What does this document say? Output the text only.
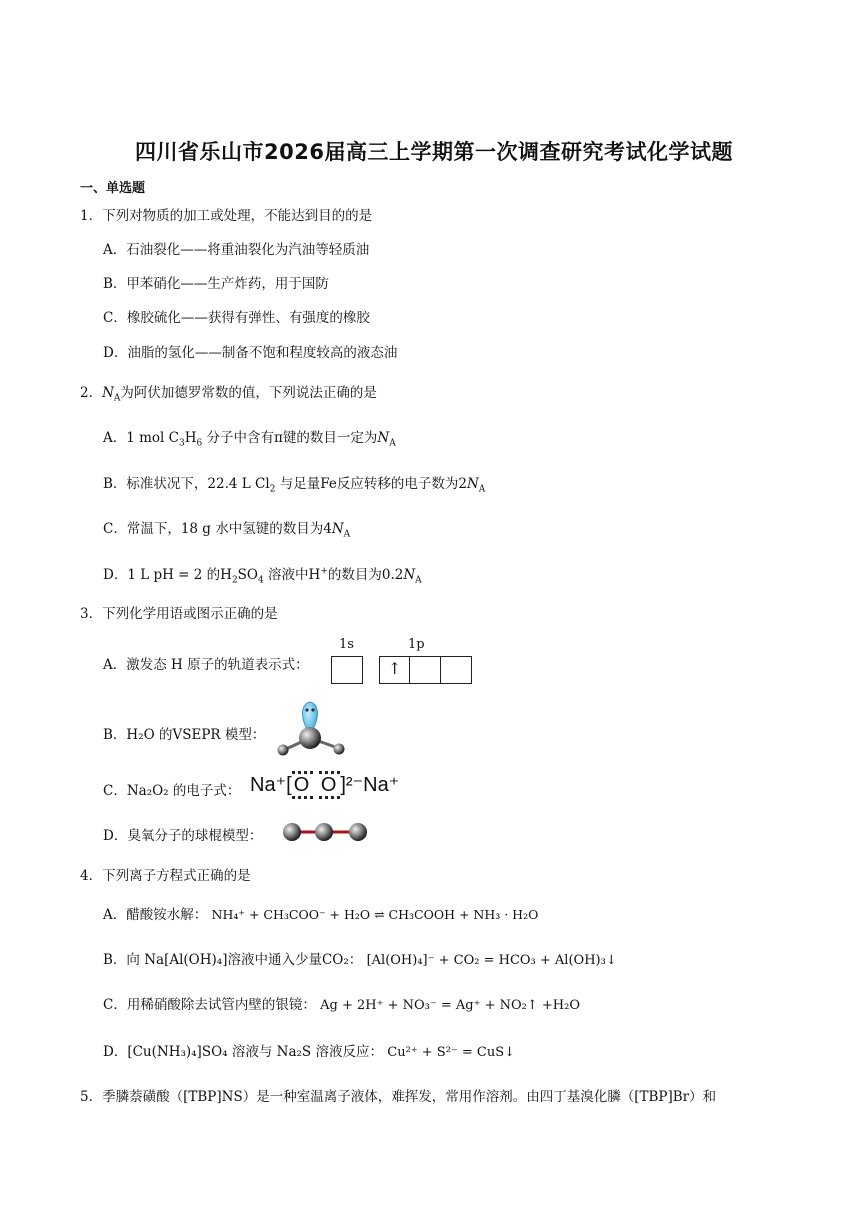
四川省乐山市2026届高三上学期第一次调查研究考试化学试题
一、单选题
1．下列对物质的加工或处理，不能达到目的的是
A．石油裂化——将重油裂化为汽油等轻质油
B．甲苯硝化——生产炸药，用于国防
C．橡胶硫化——获得有弹性、有强度的橡胶
D．油脂的氢化——制备不饱和程度较高的液态油
2．$N_A$为阿伏加德罗常数的值，下列说法正确的是
A．1 mol $C_3H_6$ 分子中含有π键的数目一定为$N_A$
B．标准状况下，22.4 L $Cl_2$ 与足量Fe反应转移的电子数为$2N_A$
C．常温下，18 g 水中氢键的数目为$4N_A$
D．1 L pH = 2 的$H_2SO_4$ 溶液中H+的数目为$0.2N_A$
3．下列化学用语或图示正确的是
A．激发态 H 原子的轨道表示式：
1s	1p
↑
B．H₂O 的VSEPR 模型：
C．Na₂O₂ 的电子式： Na⁺[ O O ]²⁻Na⁺
D．臭氧分子的球棍模型：
4．下列离子方程式正确的是
A．醋酸铵水解： NH₄⁺ + CH₃COO⁻ + H₂O ⇌ CH₃COOH + NH₃ · H₂O
B．向 Na[Al(OH)₄]溶液中通入少量CO₂： [Al(OH)₄]⁻ + CO₂ = HCO₃ + Al(OH)₃↓
C．用稀硝酸除去试管内壁的银镜： Ag + 2H⁺ + NO₃⁻ = Ag⁺ + NO₂↑ +H₂O
D．[Cu(NH₃)₄]SO₄ 溶液与 Na₂S 溶液反应： Cu²⁺ + S²⁻ = CuS↓
5．季膦萘磺酸（[TBP]NS）是一种室温离子液体，难挥发，常用作溶剂。由四丁基溴化膦（[TBP]Br）和
